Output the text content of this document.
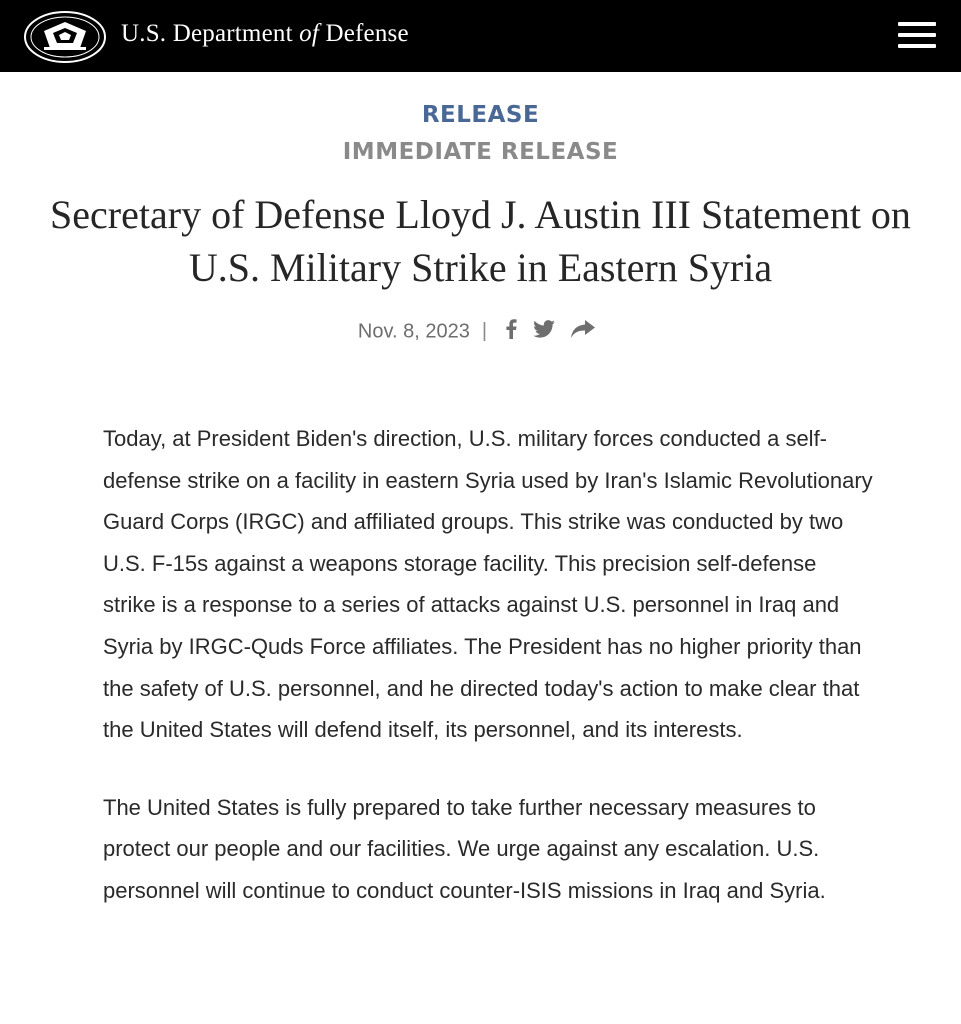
U.S. Department of Defense
RELEASE
IMMEDIATE RELEASE
Secretary of Defense Lloyd J. Austin III Statement on U.S. Military Strike in Eastern Syria
Nov. 8, 2023 |

Today, at President Biden's direction, U.S. military forces conducted a self-defense strike on a facility in eastern Syria used by Iran's Islamic Revolutionary Guard Corps (IRGC) and affiliated groups. This strike was conducted by two U.S. F-15s against a weapons storage facility. This precision self-defense strike is a response to a series of attacks against U.S. personnel in Iraq and Syria by IRGC-Quds Force affiliates. The President has no higher priority than the safety of U.S. personnel, and he directed today's action to make clear that the United States will defend itself, its personnel, and its interests.

The United States is fully prepared to take further necessary measures to protect our people and our facilities. We urge against any escalation. U.S. personnel will continue to conduct counter-ISIS missions in Iraq and Syria.
